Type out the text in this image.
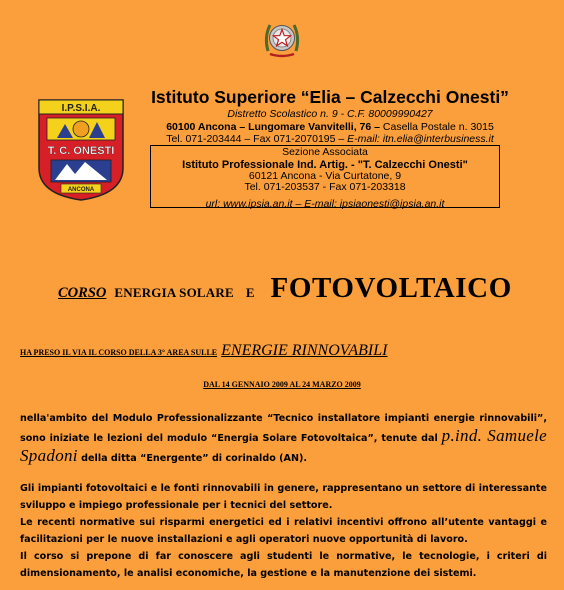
I.P.S.I.A.
T. C. ONESTI
ANCONA
Istituto Superiore “Elia – Calzecchi Onesti”
Distretto Scolastico n. 9 - C.F. 80009990427
60100 Ancona – Lungomare Vanvitelli, 76 – Casella Postale n. 3015
Tel. 071-203444 – Fax 071-2070195 – E-mail: itn.elia@interbusiness.it
Sezione Associata
Istituto Professionale Ind. Artig. - "T. Calzecchi Onesti"
60121 Ancona - Via Curtatone, 9
Tel. 071-203537 - Fax 071-203318
url: www.ipsia.an.it – E-mail: ipsiaonesti@ipsia.an.it
CORSO ENERGIA SOLARE E FOTOVOLTAICO
HA PRESO IL VIA IL CORSO DELLA 3° AREA SULLE ENERGIE RINNOVABILI
DAL 14 GENNAIO 2009 AL 24 MARZO 2009
nella'ambito del Modulo Professionalizzante “Tecnico installatore impianti energie rinnovabili”, sono iniziate le lezioni del modulo “Energia Solare Fotovoltaica”, tenute dal p.ind. Samuele Spadoni della ditta “Energente” di corinaldo (AN).
Gli impianti fotovoltaici e le fonti rinnovabili in genere, rappresentano un settore di interessante sviluppo e impiego professionale per i tecnici del settore.
Le recenti normative sui risparmi energetici ed i relativi incentivi offrono all’utente vantaggi e facilitazioni per le nuove installazioni e agli operatori nuove opportunità di lavoro.
Il corso si prepone di far conoscere agli studenti le normative, le tecnologie, i criteri di dimensionamento, le analisi economiche, la gestione e la manutenzione dei sistemi.
